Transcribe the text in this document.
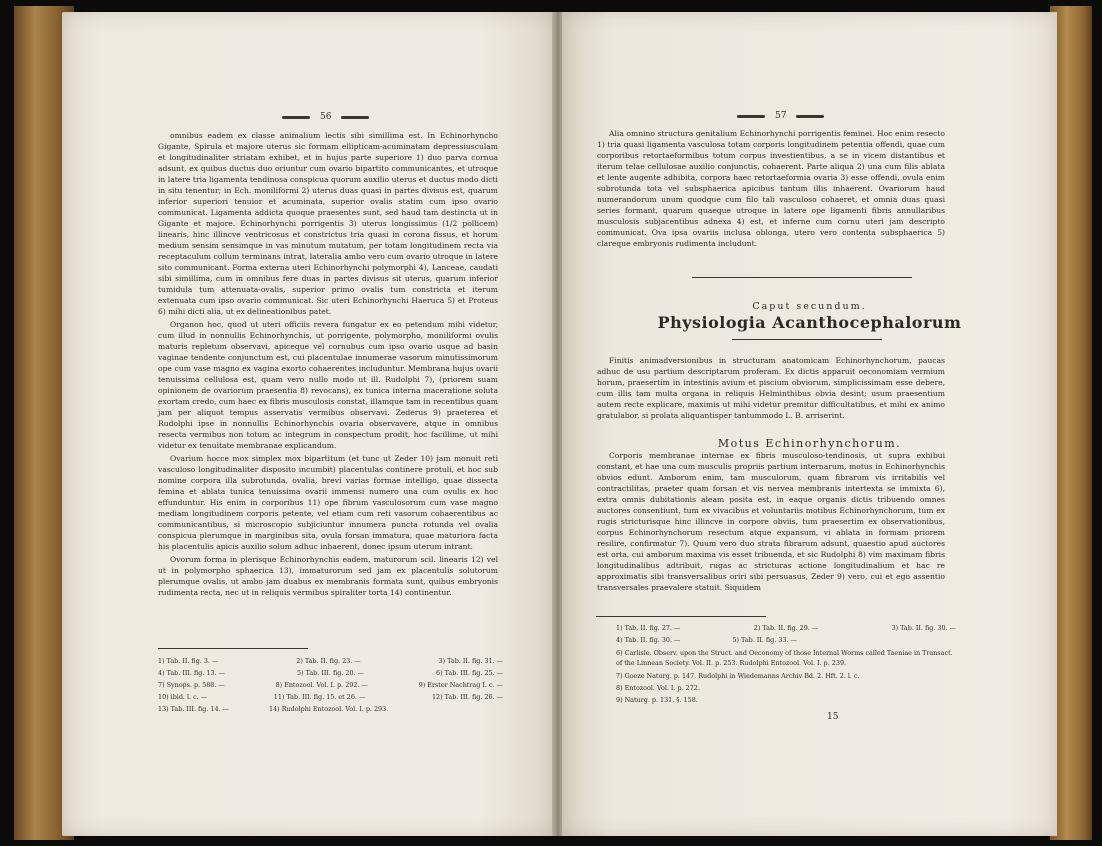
56

omnibus eadem ex classe animalium lectis sibi simillima est. In Echinorhyncho Gigante, Spirula et majore uterus sic formam ellipticam-acuminatam depressiusculam et longitudinaliter striatam exhibet, et in hujus parte superiore 1) duo parva cornua adsunt, ex quibus ductus duo oriuntur cum ovario bipartito communicantes, et utroque in latere tria ligamenta tendinosa conspicua quorum auxilio uterus et ductus modo dicti in situ tenentur; in Ech. moniliformi 2) uterus duas quasi in partes divisus est, quarum inferior superiori tenuior et acuminata, superior ovalis statim cum ipso ovario communicat. Ligamenta addicta quoque praesentes sunt, sed haud tam destincta ut in Gigante et majore. Echinorhynchi porrigentis 3) uterus longissimus (1/2 pollicem) linearis, hinc illincve ventricosus et constrictus tria quasi in corona fissus, et horum medium sensim sensimque in vas minutum mutatum, per totam longitudinem recta via receptaculum collum terminans intrat, lateralia ambo vero cum ovario utroque in latere sito communicant. Forma externa uteri Echinorhynchi polymorphi 4), Lanceae, caudati sibi simillima, cum in omnibus fere duas in partes divisus sit uterus, quarum inferior tumidula tum attenuata-ovalis, superior primo ovalis tum constricta et iterum extenuata cum ipso ovario communicat. Sic uteri Echinorhynchi Haeruca 5) et Proteus 6) mihi dicti alia, ut ex delineationibus patet.

Organon hoc, quod ut uteri officiis revera fungatur ex eo petendum mihi videtur, cum illud in nonnullis Echinorhynchis, ut porrigente, polymorpho, moniliformi ovulis maturis repletum observavi, apiceque vel cornubus cum ipso ovario usque ad basin vaginae tendente conjunctum est, cui placentulae innumerae vasorum minutissimorum ope cum vase magno ex vagina exorto cohaerentes includuntur. Membrana hujus ovarii tenuissima cellulosa est, quam vero nullo modo ut ill. Rudolphi 7), (priorem suam opinionem de ovariorum praesentia 8) revocans), ex tunica interna maceratione soluta exortam credo, cum haec ex fibris musculosis constat, illamque tam in recentibus quam jam per aliquot tempus asservatis vermibus observavi. Zederus 9) praeterea et Rudolphi ipse in nonnullis Echinorhynchis ovaria observavere, atque in omnibus resecta vermibus non totum ac integrum in conspectum prodit, hoc facillime, ut mihi videtur ex tenuitate membranae explicandum.

Ovarium hocce mox simplex mox bipartitum (et tunc ut Zeder 10) jam monuit reti vasculoso longitudinaliter disposito incumbit) placentulas continere protuli, et hoc sub nomine corpora illa subrotunda, ovalia, brevi varias formae intelligo, quae dissecta femina et ablata tunica tenuissima ovarii immensi numero una cum ovulis ex hoc effunduntur. His enim in corporibus 11) ope fibrum vasculosorum cum vase magno mediam longitudinem corporis petente, vel etiam cum reti vasorum cohaerentibus ac communicantibus, si microscopio subjiciuntur innumera puncta rotunda vel ovalia conspicua plerumque in marginibus sita, ovula forsan immatura, quae maturiora facta his placentulis apicis auxilio solum adhuc inhaerent, donec ipsum uterum intrant.

Ovorum forma in plerisque Echinorhynchis eadem, maturorum scil. linearis 12) vel ut in polymorpho sphaerica 13), immaturorum sed jam ex placentulis solutorum plerumque ovalis, ut ambo jam duabus ex membranis formata sunt, quibus embryonis rudimenta recta, nec ut in reliquis vermibus spiraliter torta 14) continentur.

1) Tab. II. fig. 3. —	2) Tab. II. fig. 23. —	3) Tab. II. fig. 31. —
4) Tab. III. fig. 13. —	5) Tab. III. fig. 20. —	6) Tab. III. fig. 25. —
7) Synops. p. 588. —	8) Entozool. Vol. I. p. 292. —	9) Erster Nachtrag I. c. —
10) ibid. l. c. —	11) Tab. III. fig. 15. et 26. —	12) Tab. III. fig. 26. —
13) Tab. III. fig. 14. —	14) Rudolphi Entozool. Vol. I. p. 293.
57

Alia omnino structura genitalium Echinorhynchi porrigentis feminei. Hoc enim resecto 1) tria quasi ligamenta vasculosa totam corporis longitudinem petentia offendi, quae cum corporibus retortaeformibus totum corpus investientibus, a se in vicem distantibus et iterum telae cellulosae auxilio conjunctis, cohaerent. Parte aliqua 2) una cum filis ablata et lente augente adhibita, corpora haec retortaeformia ovaria 3) esse offendi, ovula enim subrotunda tota vel subsphaerica apicibus tantum illis inhaerent. Ovariorum haud numerandorum unum quodque cum filo tali vasculoso cohaeret, et omnia duas quasi series formant, quarum quaeque utroque in latere ope ligamenti fibris annullaribus musculosis subjacentibus adnexa 4) est, et inferne cum cornu uteri jam descripto communicat. Ova ipsa ovariis inclusa oblonga, utero vero contenta subsphaerica 5) clareque embryonis rudimenta includunt.

Caput secundum.
Physiologia Acanthocephalorum

Finitis animadversionibus in structuram anatomicam Echinorhynchorum, paucas adhuc de usu partium descriptarum proferam. Ex dictis apparuit oeconomiam vermium horum, praesertim in intestinis avium et piscium obviorum, simplicissimam esse debere, cum illis tam multa organa in reliquis Helminthibus obvia desint; usum praesentium autem recte explicare, maximis ut mihi videtur premitur difficultatibus, et mihi ex animo gratulabor, si prolata aliquantisper tantummodo L. B. arriserint.

Motus Echinorhynchorum.

Corporis membranae internae ex fibris musculoso-tendinosis, ut supra exhibui constant, et hae una cum musculis propriis partium internarum, motus in Echinorhynchis obvios edunt. Amborum enim, tam musculorum, quam fibrarum vis irritabilis vel contractilitas, praeter quam forsan et vis nervea membranis intertexta se immixta 6), extra omnis dubitationis aleam posita est, in eaque organis dictis tribuendo omnes auctores consentiunt, tum ex vivacibus et voluntariis motibus Echinorhynchorum, tum ex rugis stricturisque hinc illincve in corpore obviis, tum praesertim ex observationibus, corpus Echinorhynchorum resectum atque expansum, vi ablata in formam priorem resilire, confirmatur 7). Quum vero duo strata fibrarum adsunt, quaestio apud auctores est orta, cui amborum maxima vis esset tribuenda, et sic Rudolphi 8) vim maximam fibris longitudinalibus adtribuit, rugas ac stricturas actione longitudinalium et hac re approximatis sibi transversalibus oriri sibi persuasus, Zeder 9) vero, cui et ego assentio transversales praevalere statuit. Siquidem

1) Tab. II. fig. 27. —	2) Tab. II. fig. 29. —	3) Tab. II. fig. 30. —
4) Tab. II. fig. 30. —	5) Tab. II. fig. 33. —
6) Carlisle. Observ. upon the Struct. and Oeconomy of those Internal Worms called Taeniae in Transact. of the Linnean Society. Vol. II. p. 253. Rudolphi Entozool. Vol. I. p. 239.
7) Goeze Naturg. p. 147. Rudolphi in Wiedemanns Archiv Bd. 2. Hft. 2. l. c.
8) Entozool. Vol. I. p. 272.
9) Naturg. p. 131. §. 158.
15
